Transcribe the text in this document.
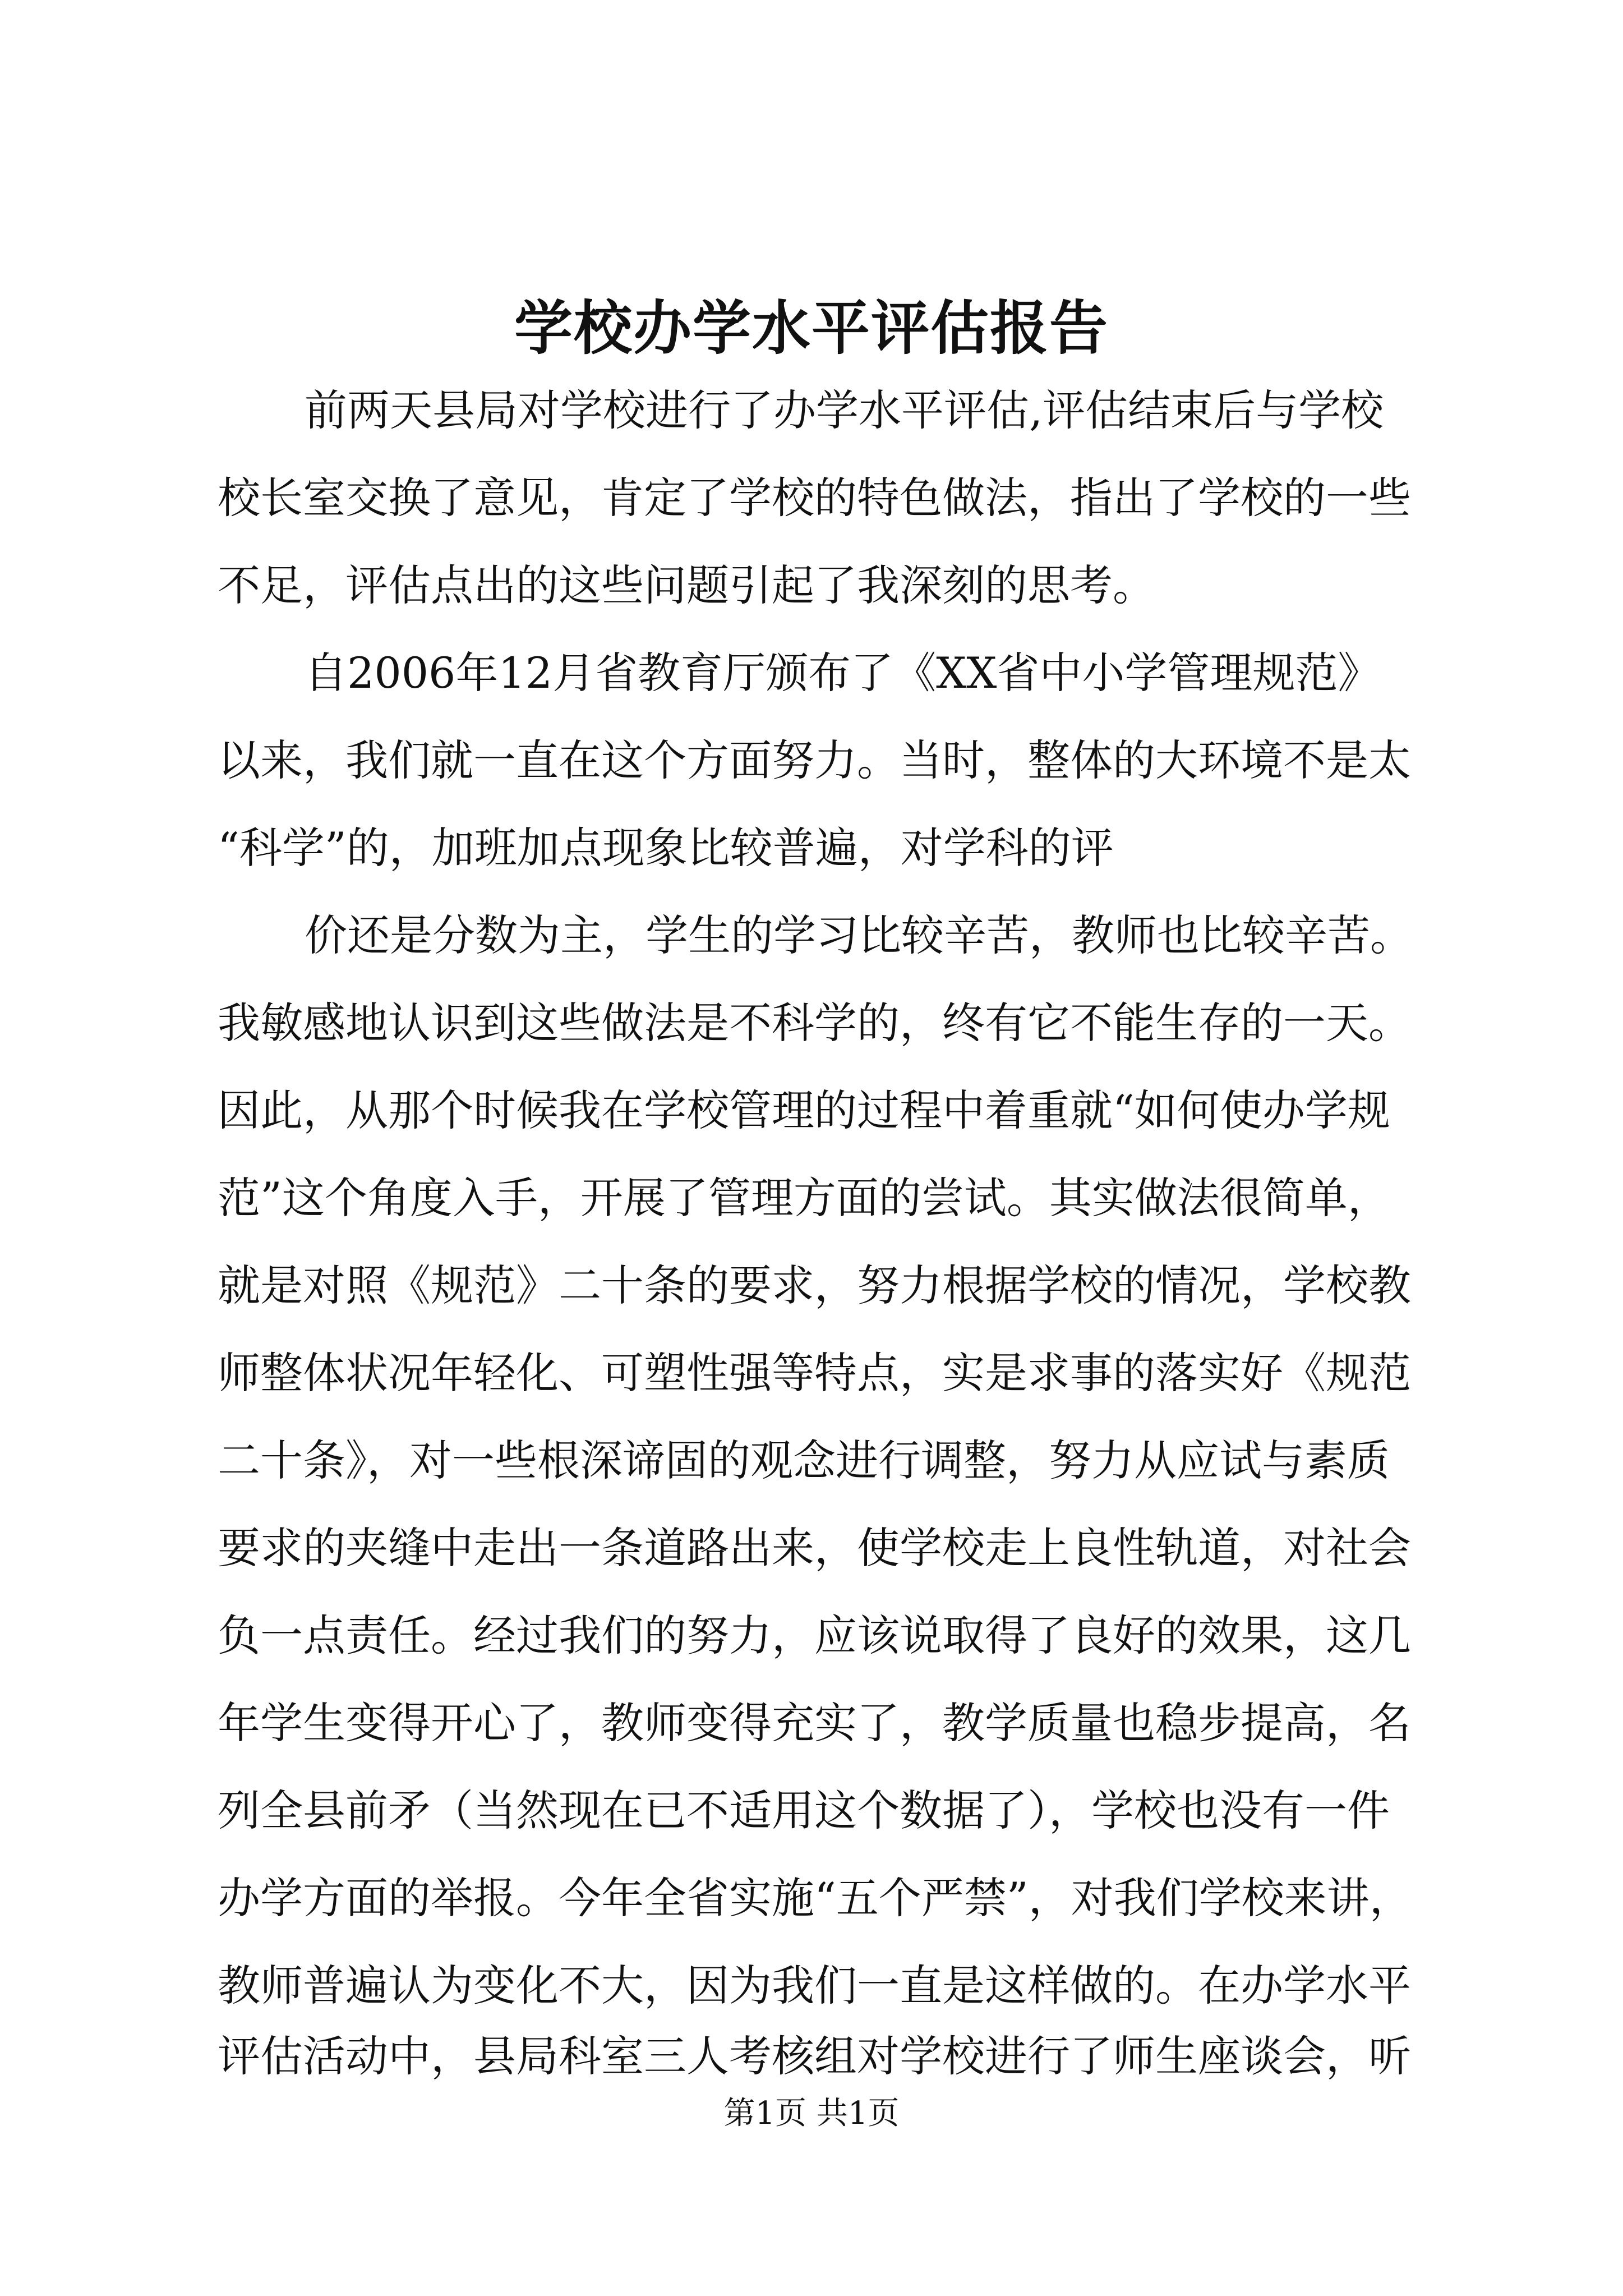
学校办学水平评估报告

前两天县局对学校进行了办学水平评估,评估结束后与学校

校长室交换了意见，肯定了学校的特色做法，指出了学校的一些

不足，评估点出的这些问题引起了我深刻的思考。

自2006年12月省教育厅颁布了《XX省中小学管理规范》

以来，我们就一直在这个方面努力。当时，整体的大环境不是太

“科学”的，加班加点现象比较普遍，对学科的评

价还是分数为主，学生的学习比较辛苦，教师也比较辛苦。

我敏感地认识到这些做法是不科学的，终有它不能生存的一天。

因此，从那个时候我在学校管理的过程中着重就“如何使办学规

范”这个角度入手，开展了管理方面的尝试。其实做法很简单，

就是对照《规范》二十条的要求，努力根据学校的情况，学校教

师整体状况年轻化、可塑性强等特点，实是求事的落实好《规范

二十条》，对一些根深谛固的观念进行调整，努力从应试与素质

要求的夹缝中走出一条道路出来，使学校走上良性轨道，对社会

负一点责任。经过我们的努力，应该说取得了良好的效果，这几

年学生变得开心了，教师变得充实了，教学质量也稳步提高，名

列全县前矛（当然现在已不适用这个数据了），学校也没有一件

办学方面的举报。今年全省实施“五个严禁”，对我们学校来讲，

教师普遍认为变化不大，因为我们一直是这样做的。在办学水平

评估活动中，县局科室三人考核组对学校进行了师生座谈会，听

第1页 共1页
